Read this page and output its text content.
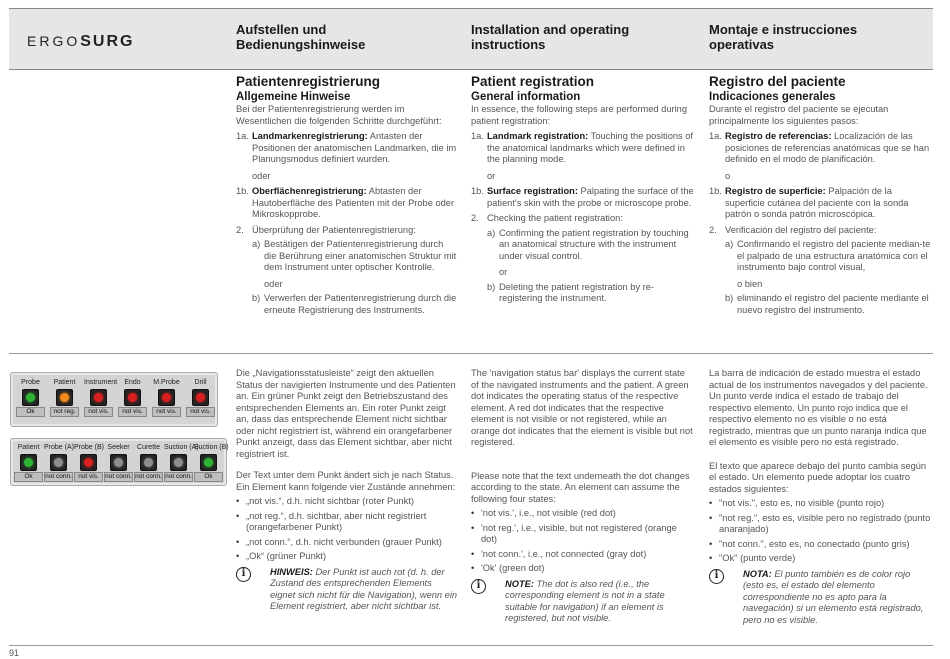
ERGOSURG
Aufstellen und
Bedienungshinweise
Installation and operating
instructions
Montaje e instrucciones
operativas
Patientenregistrierung
Allgemeine Hinweise
Bei der Patientenregistrierung werden im Wesentlichen die folgenden Schritte durchgeführt:
1a. Landmarkenregistrierung: Antasten der Positionen der anatomischen Landmarken, die im Planungsmodus definiert wurden.
oder
1b. Oberflächenregistrierung: Abtasten der Hautoberfläche des Patienten mit der Probe oder Mikroskopprobe.
2. Überprüfung der Patientenregistrierung:
a) Bestätigen der Patientenregistrierung durch die Berührung einer anatomischen Struktur mit dem Instrument unter optischer Kontrolle.
oder
b) Verwerfen der Patientenregistrierung durch die erneute Registrierung des Instruments.
Patient registration
General information
In essence, the following steps are performed during patient registration:
1a. Landmark registration: Touching the positions of the anatomical landmarks which were defined in the planning mode.
or
1b. Surface registration: Palpating the surface of the patient's skin with the probe or microscope probe.
2. Checking the patient registration:
a) Confirming the patient registration by touching an anatomical structure with the instrument under visual control.
or
b) Deleting the patient registration by re-registering the instrument.
Registro del paciente
Indicaciones generales
Durante el registro del paciente se ejecutan principalmente los siguientes pasos:
1a. Registro de referencias: Localización de las posiciones de referencias anatómicas que se han definido en el modo de planificación.
o
1b. Registro de superficie: Palpación de la superficie cutánea del paciente con la sonda patrón o sonda patrón microscópica.
2. Verificación del registro del paciente:
a) Confirmando el registro del paciente median-te el palpado de una estructura anatómica con el instrumento bajo control visual,
o bien
b) eliminando el registro del paciente mediante el nuevo registro del instrumento.
Probe
Ok
Patient
not reg.
Instrument
not vis.
Endo
not vis.
M.Probe
not vis.
Drill
not vis.
Patient
Ok
Probe (A)
not conn.
Probe (B)
not vis.
Seeker
not conn.
Curette
not conn.
Suction (A)
not conn.
Suction (B)
Ok
Die „Navigationsstatusleiste“ zeigt den aktuellen Status der navigierten Instrumente und des Patienten an. Ein grüner Punkt zeigt den Betriebszustand des entsprechenden Elements an. Ein roter Punkt zeigt an, dass das entsprechende Element nicht sichtbar oder nicht registriert ist, während ein orangefarbener Punkt anzeigt, dass das Element sichtbar, aber nicht registriert ist.
Der Text unter dem Punkt ändert sich je nach Status. Ein Element kann folgende vier Zustände annehmen:
• „not vis.“, d.h. nicht sichtbar (roter Punkt)
• „not reg.“, d.h. sichtbar, aber nicht registriert (orangefarbener Punkt)
• „not conn.“, d.h. nicht verbunden (grauer Punkt)
• „Ok“ (grüner Punkt)
i	HINWEIS: Der Punkt ist auch rot (d. h. der Zustand des entsprechenden Elements eignet sich nicht für die Navigation), wenn ein Element registriert, aber nicht sichtbar ist.
The 'navigation status bar' displays the current state of the navigated instruments and the patient. A green dot indicates the operating status of the respective element. A red dot indicates that the respective element is not visible or not registered, while an orange dot indicates that the element is visible but not registered.
Please note that the text underneath the dot changes according to the state. An element can assume the following four states:
• 'not vis.', i.e., not visible (red dot)
• 'not reg.', i.e., visible, but not registered (orange dot)
• 'not conn.', i.e., not connected (gray dot)
• 'Ok' (green dot)
i	NOTE: The dot is also red (i.e., the corresponding element is not in a state suitable for navigation) if an element is registered, but not visible.
La barra de indicación de estado muestra el estado actual de los instrumentos navegados y del paciente. Un punto verde indica el estado de trabajo del respectivo elemento. Un punto rojo indica que el respectivo elemento no es visible o no está registrado, mientras que un punto naranja indica que el elemento es visible pero no está registrado.
El texto que aparece debajo del punto cambia según el estado. Un elemento puede adoptar los cuatro estados siguientes:
• "not vis.", esto es, no visible (punto rojo)
• "not reg.", esto es, visible pero no registrado (punto anaranjado)
• "not conn.", esto es, no conectado (punto gris)
• "Ok" (punto verde)
i	NOTA: El punto también es de color rojo (esto es, el estado del elemento correspondiente no es apto para la navegación) si un elemento está registrado, pero no es visible.
91
